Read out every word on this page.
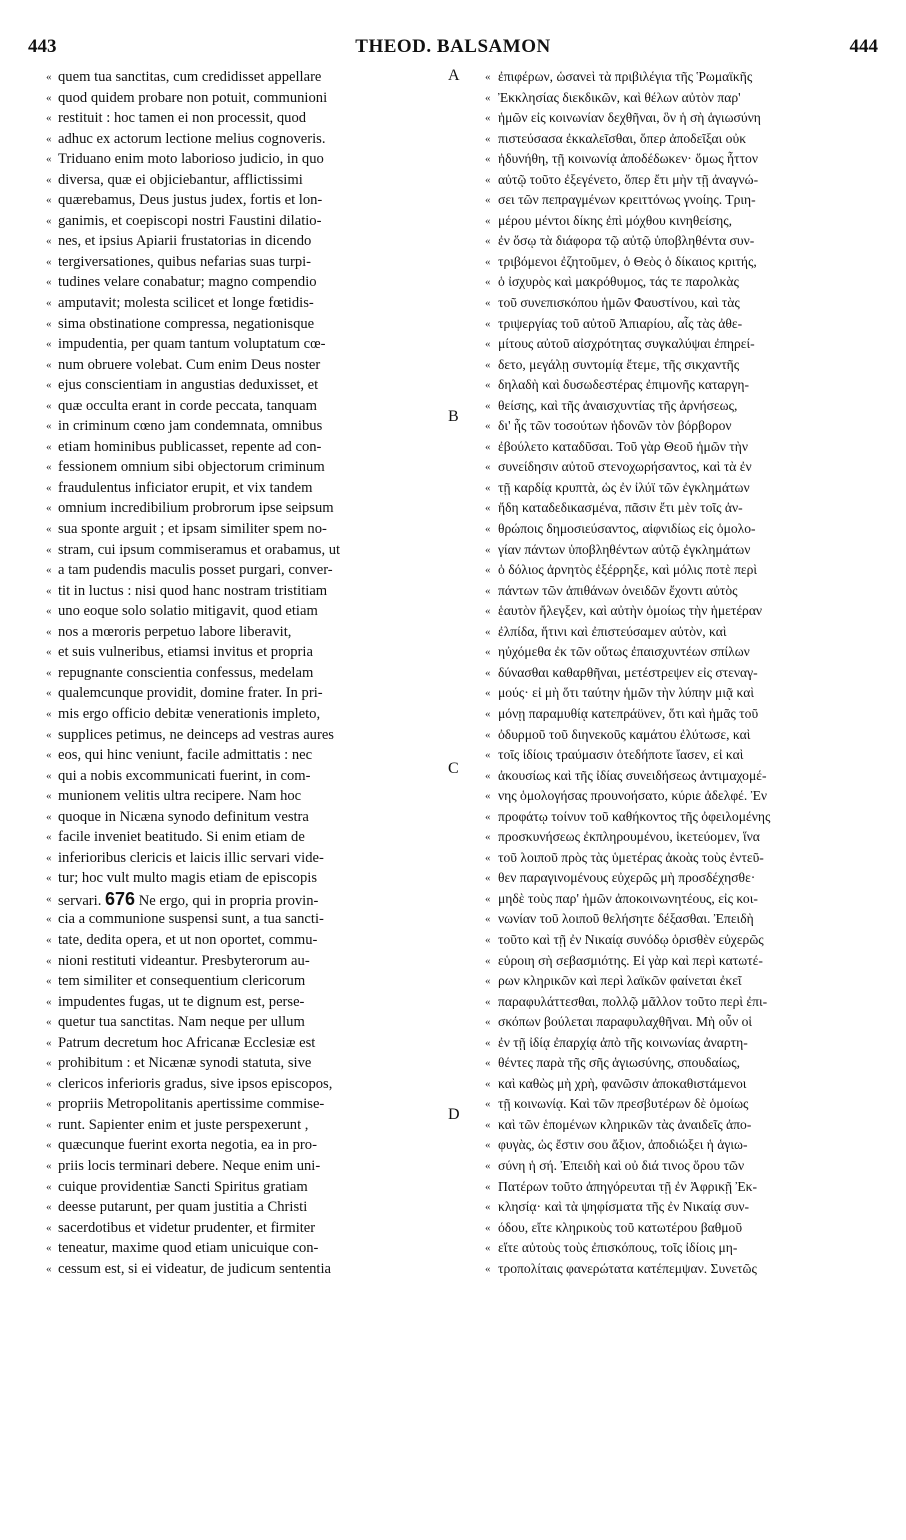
443	THEOD. BALSAMON	444
« quem tua sanctitas, cum credidisset appellare
« quod quidem probare non potuit, communioni
« restituit : hoc tamen ei non processit, quod
« adhuc ex actorum lectione melius cognoveris.
« Triduano enim moto laborioso judicio, in quo
« diversa, quæ ei objiciebantur, afflictissimi
« quærebamus, Deus justus judex, fortis et lon-
« ganimis, et coepiscopi nostri Faustini dilatio-
« nes, et ipsius Apiarii frustatorias in dicendo
« tergiversationes, quibus nefarias suas turpi-
« tudines velare conabatur; magno compendio
« amputavit; molesta scilicet et longe fœtidis-
« sima obstinatione compressa, negationisque
« impudentia, per quam tantum voluptatum cœ-
« num obruere volebat. Cum enim Deus noster
« ejus conscientiam in angustias deduxisset, et
« quæ occulta erant in corde peccata, tanquam
« in criminum cœno jam condemnata, omnibus
« etiam hominibus publicasset, repente ad con-
« fessionem omnium sibi objectorum criminum
« fraudulentus inficiator erupit, et vix tandem
« omnium incredibilium probrorum ipse seipsum
« sua sponte arguit ; et ipsam similiter spem no-
« stram, cui ipsum commiseramus et orabamus, ut
« a tam pudendis maculis posset purgari, conver-
« tit in luctus : nisi quod hanc nostram tristitiam
« uno eoque solo solatio mitigavit, quod etiam
« nos a mœroris perpetuo labore liberavit,
« et suis vulneribus, etiamsi invitus et propria
« repugnante conscientia confessus, medelam
« qualemcunque providit, domine frater. In pri-
« mis ergo officio debitæ venerationis impleto,
« supplices petimus, ne deinceps ad vestras aures
« eos, qui hinc veniunt, facile admittatis : nec
« qui a nobis excommunicati fuerint, in com-
« munionem velitis ultra recipere. Nam hoc
« quoque in Nicæna synodo definitum vestra
« facile inveniet beatitudo. Si enim etiam de
« inferioribus clericis et laicis illic servari vide-
« tur; hoc vult multo magis etiam de episcopis
« servari. 676 Ne ergo, qui in propria provin-
« cia a communione suspensi sunt, a tua sancti-
« tate, dedita opera, et ut non oportet, commu-
« nioni restituti videantur. Presbyterorum au-
« tem similiter et consequentium clericorum
« impudentes fugas, ut te dignum est, perse-
« quetur tua sanctitas. Nam neque per ullum
« Patrum decretum hoc Africanæ Ecclesiæ est
« prohibitum : et Nicænæ synodi statuta, sive
« clericos inferioris gradus, sive ipsos episcopos,
« propriis Metropolitanis apertissime commise-
« runt. Sapienter enim et juste perspexerunt ,
« quæcunque fuerint exorta negotia, ea in pro-
« priis locis terminari debere. Neque enim uni-
« cuique providentiæ Sancti Spiritus gratiam
« deesse putarunt, per quam justitia a Christi
« sacerdotibus et videtur prudenter, et firmiter
« teneatur, maxime quod etiam unicuique con-
« cessum est, si ei videatur, de judicum sententia
« ἐπιφέρων, ὡσανεὶ τὰ πριβιλέγια τῆς Ῥωμαϊκῆς
« Ἐκκλησίας διεκδικῶν, καὶ θέλων αὐτὸν παρ'
« ἡμῶν εἰς κοινωνίαν δεχθῆναι, ὃν ἡ σὴ ἁγιωσύνη
« πιστεύσασα ἐκκαλεῖσθαι, ὅπερ ἀποδεῖξαι οὐκ
« ἠδυνήθη, τῇ κοινωνίᾳ ἀποδέδωκεν· ὅμως ἧττον
« αὐτῷ τοῦτο ἐξεγένετο, ὅπερ ἔτι μὴν τῇ ἀναγνώ-
« σει τῶν πεπραγμένων κρειττόνως γνοίης. Τριη-
« μέρου μέντοι δίκης ἐπὶ μόχθου κινηθείσης,
« ἐν ὅσῳ τὰ διάφορα τῷ αὐτῷ ὑποβληθέντα συν-
« τριβόμενοι ἐζητοῦμεν, ὁ Θεὸς ὁ δίκαιος κριτής,
« ὁ ἰσχυρὸς καὶ μακρόθυμος, τάς τε παρολκὰς
« τοῦ συνεπισκόπου ἡμῶν Φαυστίνου, καὶ τὰς
« τριψεργίας τοῦ αὐτοῦ Ἀπιαρίου, αἷς τὰς ἀθε-
« μίτους αὐτοῦ αἰσχρότητας συγκαλύψαι ἐπηρεί-
« δετο, μεγάλῃ συντομίᾳ ἔτεμε, τῆς σικχαντῆς
« δηλαδὴ καὶ δυσωδεστέρας ἐπιμονῆς καταργη-
« θείσης, καὶ τῆς ἀναισχυντίας τῆς ἀρνήσεως,
« δι' ἧς τῶν τοσούτων ἡδονῶν τὸν βόρβορον
« ἐβούλετο καταδῦσαι. Τοῦ γὰρ Θεοῦ ἡμῶν τὴν
« συνείδησιν αὐτοῦ στενοχωρήσαντος, καὶ τὰ ἐν
« τῇ καρδίᾳ κρυπτὰ, ὡς ἐν ἰλύϊ τῶν ἐγκλημάτων
« ἤδη καταδεδικασμένα, πᾶσιν ἔτι μὲν τοῖς ἀν-
« θρώποις δημοσιεύσαντος, αἰφνιδίως εἰς ὁμολο-
« γίαν πάντων ὑποβληθέντων αὐτῷ ἐγκλημάτων
« ὁ δόλιος ἀρνητὸς ἐξέρρηξε, καὶ μόλις ποτὲ περὶ
« πάντων τῶν ἀπιθάνων ὀνειδῶν ἔχοντι αὐτὸς
« ἑαυτὸν ἤλεγξεν, καὶ αὐτὴν ὁμοίως τὴν ἡμετέραν
« ἐλπίδα, ἥτινι καὶ ἐπιστεύσαμεν αὐτὸν, καὶ
« ηὐχόμεθα ἐκ τῶν οὕτως ἐπαισχυντέων σπίλων
« δύνασθαι καθαρθῆναι, μετέστρεψεν εἰς στεναγ-
« μούς· εἰ μὴ ὅτι ταύτην ἡμῶν τὴν λύπην μιᾷ καὶ
« μόνῃ παραμυθίᾳ κατεπράϋνεν, ὅτι καὶ ἡμᾶς τοῦ
« ὀδυρμοῦ τοῦ διηνεκοῦς καμάτου ἐλύτωσε, καὶ
« τοῖς ἰδίοις τραύμασιν ὁτεδήποτε ἴασεν, εἰ καὶ
« ἀκουσίως καὶ τῆς ἰδίας συνειδήσεως ἀντιμαχομέ-
« νης ὁμολογήσας προυνοήσατο, κύριε ἀδελφέ. Ἐν
« προφάτῳ τοίνυν τοῦ καθήκοντος τῆς ὀφειλομένης
« προσκυνήσεως ἐκπληρουμένου, ἱκετεύομεν, ἵνα
« τοῦ λοιποῦ πρὸς τὰς ὑμετέρας ἀκοὰς τοὺς ἐντεῦ-
« θεν παραγινομένους εὐχερῶς μὴ προσδέχησθε·
« μηδὲ τοὺς παρ' ἡμῶν ἀποκοινωνητέους, εἰς κοι-
« νωνίαν τοῦ λοιποῦ θελήσητε δέξασθαι. Ἐπειδὴ
« τοῦτο καὶ τῇ ἐν Νικαίᾳ συνόδῳ ὁρισθὲν εὐχερῶς
« εὑροιη σὴ σεβασμιότης. Εἰ γὰρ καὶ περὶ κατωτέ-
« ρων κληρικῶν καὶ περὶ λαϊκῶν φαίνεται ἐκεῖ
« παραφυλάττεσθαι, πολλῷ μᾶλλον τοῦτο περὶ ἐπι-
« σκόπων βούλεται παραφυλαχθῆναι. Μὴ οὖν οἱ
« ἐν τῇ ἰδίᾳ ἐπαρχίᾳ ἀπὸ τῆς κοινωνίας ἀναρτη-
« θέντες παρὰ τῆς σῆς ἁγιωσύνης, σπουδαίως,
« καὶ καθὼς μὴ χρὴ, φανῶσιν ἀποκαθιστάμενοι
« τῇ κοινωνίᾳ. Καὶ τῶν πρεσβυτέρων δὲ ὁμοίως
« καὶ τῶν ἑπομένων κληρικῶν τὰς ἀναιδεῖς ἀπο-
« φυγὰς, ὡς ἔστιν σου ἄξιον, ἀποδιώξει ἡ ἁγιω-
« σύνη ἡ σή. Ἐπειδὴ καὶ οὐ διά τινος ὅρου τῶν
« Πατέρων τοῦτο ἀπηγόρευται τῇ ἐν Ἀφρικῇ Ἐκ-
« κλησίᾳ· καὶ τὰ ψηφίσματα τῆς ἐν Νικαίᾳ συν-
« όδου, εἴτε κληρικοὺς τοῦ κατωτέρου βαθμοῦ
« εἴτε αὐτοὺς τοὺς ἐπισκόπους, τοῖς ἰδίοις μη-
« τροπολίταις φανερώτατα κατέπεμψαν. Συνετῶς
A
B
C
D
